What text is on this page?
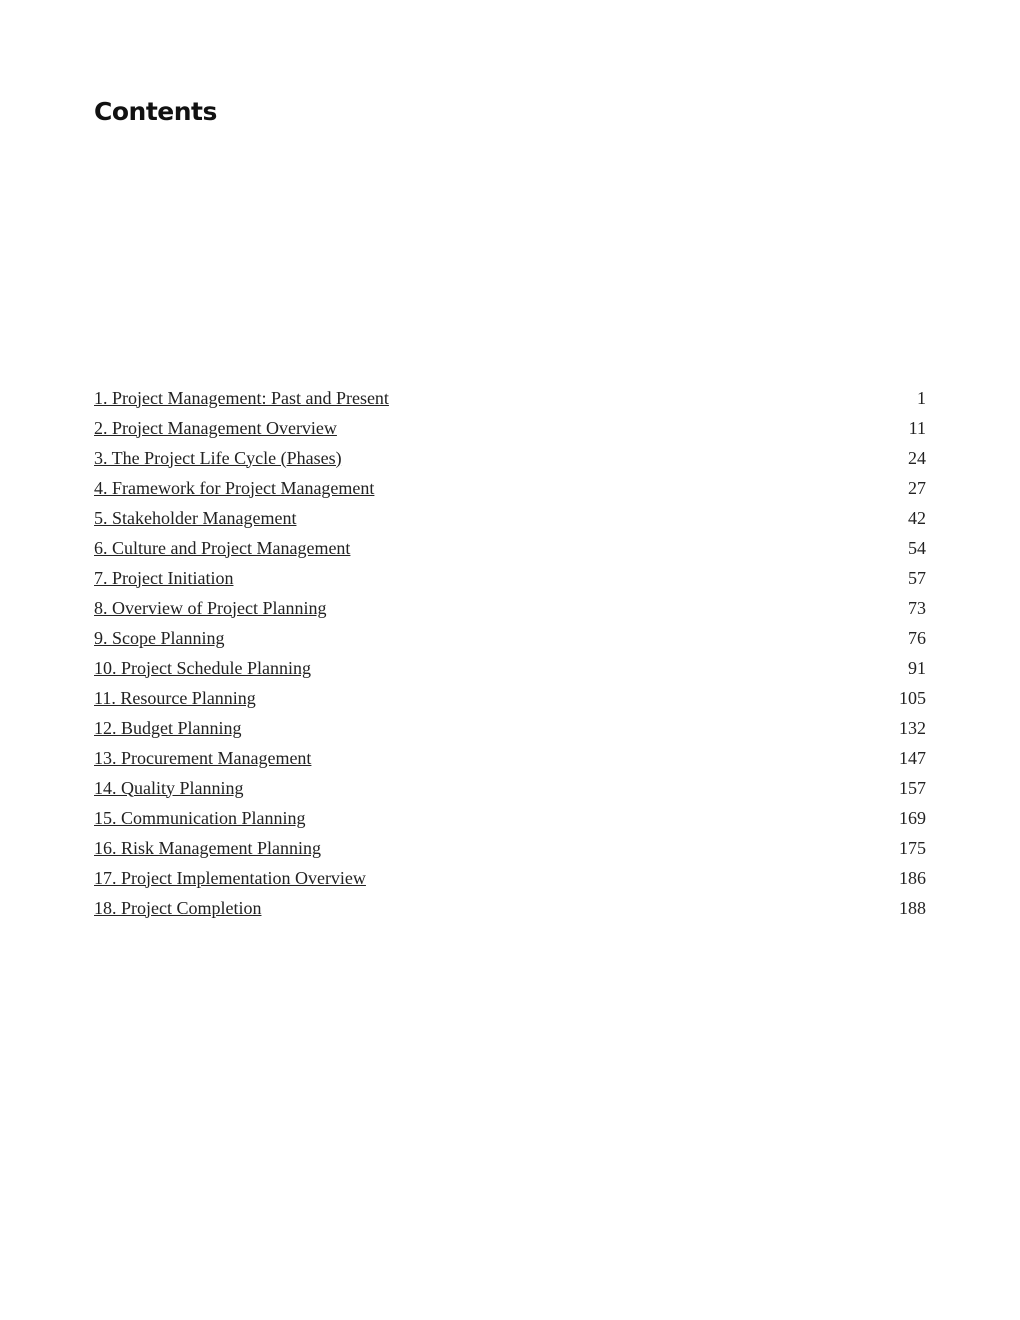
Contents
1. Project Management: Past and Present	1
2. Project Management Overview	11
3. The Project Life Cycle (Phases)	24
4. Framework for Project Management	27
5. Stakeholder Management	42
6. Culture and Project Management	54
7. Project Initiation	57
8. Overview of Project Planning	73
9. Scope Planning	76
10. Project Schedule Planning	91
11. Resource Planning	105
12. Budget Planning	132
13. Procurement Management	147
14. Quality Planning	157
15. Communication Planning	169
16. Risk Management Planning	175
17. Project Implementation Overview	186
18. Project Completion	188
